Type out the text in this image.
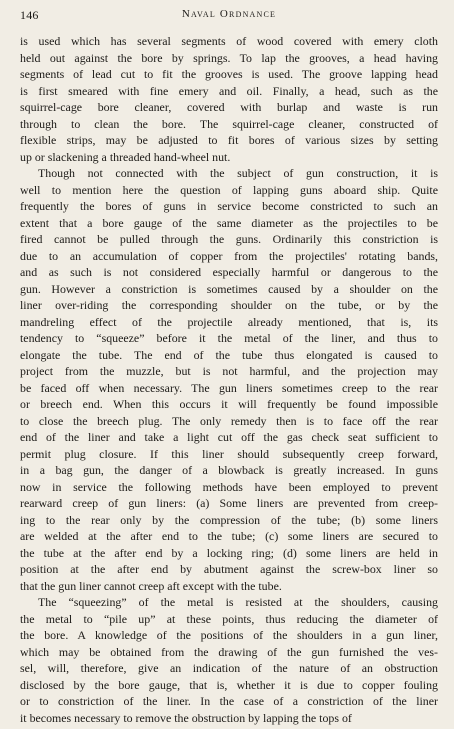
146	Naval Ordnance
is used which has several segments of wood covered with emery cloth
held out against the bore by springs. To lap the grooves, a head having
segments of lead cut to fit the grooves is used. The groove lapping head
is first smeared with fine emery and oil. Finally, a head, such as the
squirrel-cage bore cleaner, covered with burlap and waste is run
through to clean the bore. The squirrel-cage cleaner, constructed of
flexible strips, may be adjusted to fit bores of various sizes by setting
up or slackening a threaded hand-wheel nut.
Though not connected with the subject of gun construction, it is
well to mention here the question of lapping guns aboard ship. Quite
frequently the bores of guns in service become constricted to such an
extent that a bore gauge of the same diameter as the projectiles to be
fired cannot be pulled through the guns. Ordinarily this constriction is
due to an accumulation of copper from the projectiles' rotating bands,
and as such is not considered especially harmful or dangerous to the
gun. However a constriction is sometimes caused by a shoulder on the
liner over-riding the corresponding shoulder on the tube, or by the
mandreling effect of the projectile already mentioned, that is, its
tendency to “squeeze” before it the metal of the liner, and thus to
elongate the tube. The end of the tube thus elongated is caused to
project from the muzzle, but is not harmful, and the projection may
be faced off when necessary. The gun liners sometimes creep to the rear
or breech end. When this occurs it will frequently be found impossible
to close the breech plug. The only remedy then is to face off the rear
end of the liner and take a light cut off the gas check seat sufficient to
permit plug closure. If this liner should subsequently creep forward,
in a bag gun, the danger of a blowback is greatly increased. In guns
now in service the following methods have been employed to prevent
rearward creep of gun liners: (a) Some liners are prevented from creep-
ing to the rear only by the compression of the tube; (b) some liners
are welded at the after end to the tube; (c) some liners are secured to
the tube at the after end by a locking ring; (d) some liners are held in
position at the after end by abutment against the screw-box liner so
that the gun liner cannot creep aft except with the tube.
The “squeezing” of the metal is resisted at the shoulders, causing
the metal to “pile up” at these points, thus reducing the diameter of
the bore. A knowledge of the positions of the shoulders in a gun liner,
which may be obtained from the drawing of the gun furnished the ves-
sel, will, therefore, give an indication of the nature of an obstruction
disclosed by the bore gauge, that is, whether it is due to copper fouling
or to constriction of the liner. In the case of a constriction of the liner
it becomes necessary to remove the obstruction by lapping the tops of
